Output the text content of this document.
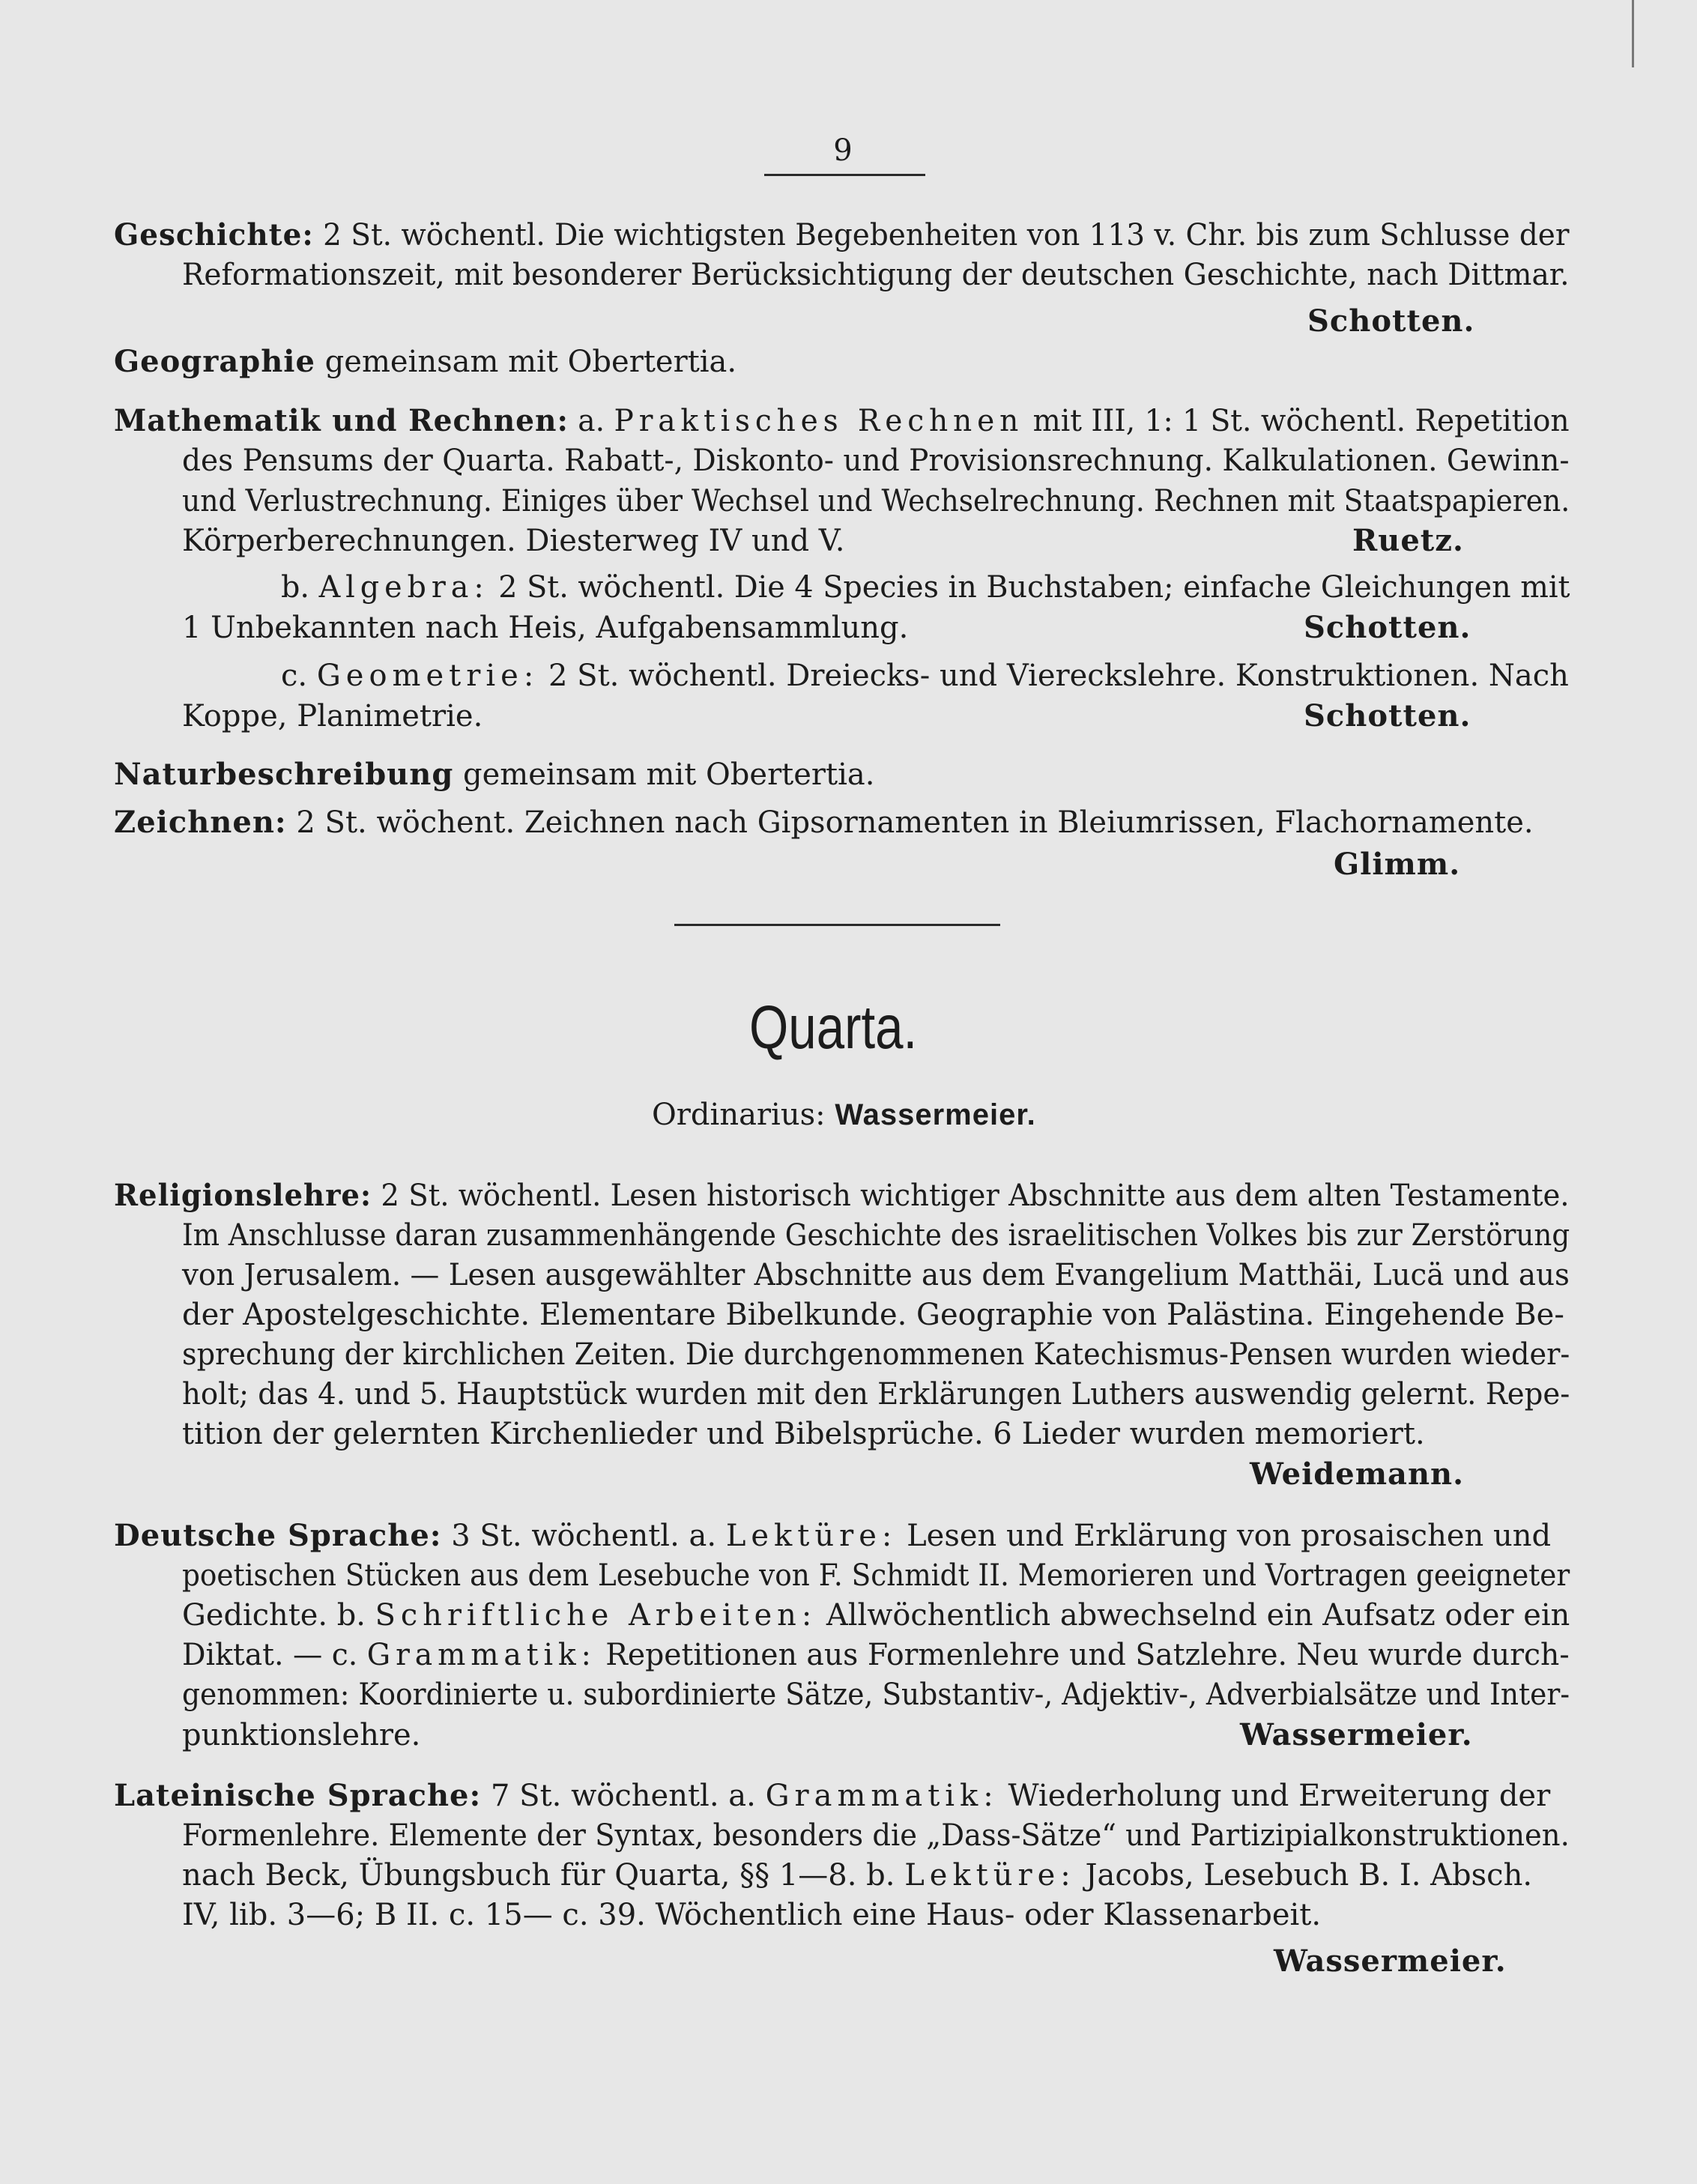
9
Geschichte: 2 St. wöchentl. Die wichtigsten Begebenheiten von 113 v. Chr. bis zum Schlusse der
Reformationszeit, mit besonderer Berücksichtigung der deutschen Geschichte, nach Dittmar.
Schotten.
Geographie gemeinsam mit Obertertia.
Mathematik und Rechnen: a. Praktisches Rechnen mit III, 1: 1 St. wöchentl. Repetition
des Pensums der Quarta. Rabatt-, Diskonto- und Provisionsrechnung. Kalkulationen. Gewinn-
und Verlustrechnung. Einiges über Wechsel und Wechselrechnung. Rechnen mit Staatspapieren.
Körperberechnungen. Diesterweg IV und V.	Ruetz.
b. Algebra: 2 St. wöchentl. Die 4 Species in Buchstaben; einfache Gleichungen mit
1 Unbekannten nach Heis, Aufgabensammlung.	Schotten.
c. Geometrie: 2 St. wöchentl. Dreiecks- und Viereckslehre. Konstruktionen. Nach
Koppe, Planimetrie.	Schotten.
Naturbeschreibung gemeinsam mit Obertertia.
Zeichnen: 2 St. wöchent. Zeichnen nach Gipsornamenten in Bleiumrissen, Flachornamente.
Glimm.
Quarta.
Ordinarius: Wassermeier.
Religionslehre: 2 St. wöchentl. Lesen historisch wichtiger Abschnitte aus dem alten Testamente.
Im Anschlusse daran zusammenhängende Geschichte des israelitischen Volkes bis zur Zerstörung
von Jerusalem. — Lesen ausgewählter Abschnitte aus dem Evangelium Matthäi, Lucä und aus
der Apostelgeschichte. Elementare Bibelkunde. Geographie von Palästina. Eingehende Be-
sprechung der kirchlichen Zeiten. Die durchgenommenen Katechismus-Pensen wurden wieder-
holt; das 4. und 5. Hauptstück wurden mit den Erklärungen Luthers auswendig gelernt. Repe-
tition der gelernten Kirchenlieder und Bibelsprüche. 6 Lieder wurden memoriert.
Weidemann.
Deutsche Sprache: 3 St. wöchentl. a. Lektüre: Lesen und Erklärung von prosaischen und
poetischen Stücken aus dem Lesebuche von F. Schmidt II. Memorieren und Vortragen geeigneter
Gedichte. b. Schriftliche Arbeiten: Allwöchentlich abwechselnd ein Aufsatz oder ein
Diktat. — c. Grammatik: Repetitionen aus Formenlehre und Satzlehre. Neu wurde durch-
genommen: Koordinierte u. subordinierte Sätze, Substantiv-, Adjektiv-, Adverbialsätze und Inter-
punktionslehre.	Wassermeier.
Lateinische Sprache: 7 St. wöchentl. a. Grammatik: Wiederholung und Erweiterung der
Formenlehre. Elemente der Syntax, besonders die „Dass-Sätze“ und Partizipialkonstruktionen.
nach Beck, Übungsbuch für Quarta, §§ 1—8. b. Lektüre: Jacobs, Lesebuch B. I. Absch.
IV, lib. 3—6; B II. c. 15— c. 39. Wöchentlich eine Haus- oder Klassenarbeit.
Wassermeier.
